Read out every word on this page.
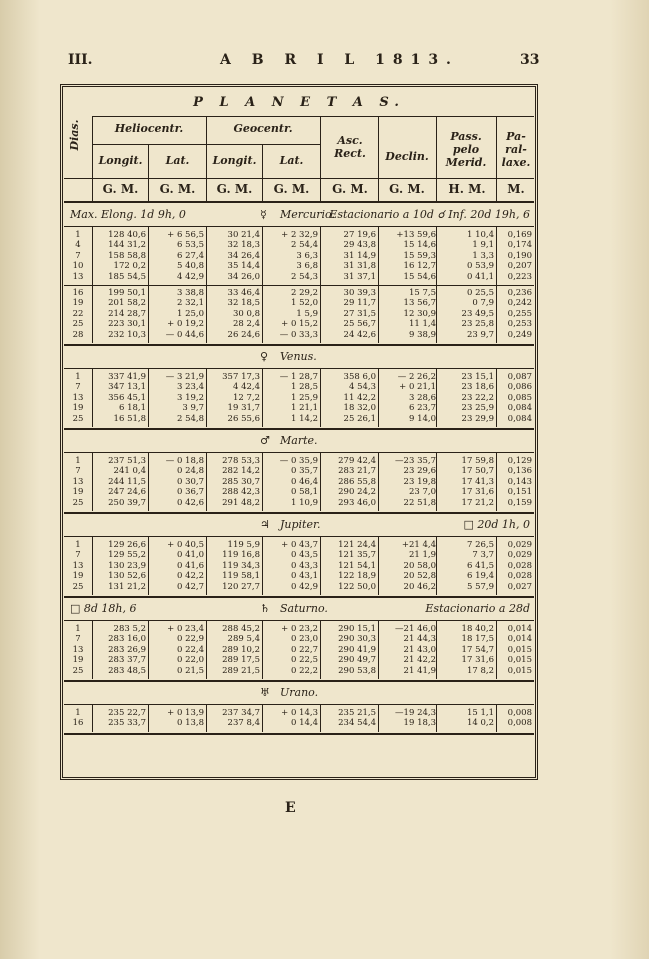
III.	A B R I L 1813.	33
P L A N E T A S.
Dias.	Heliocentr.	Geocentr.
Longit.	Lat.	Longit.	Lat.
Asc. Rect.	Declin.
Pass. pelo Merid.
Pa- ral- laxe.
G. M.	G. M.	G. M.	G. M.	G. M.	G. M.	H. M.	M.
Max. Elong. 1d 9h, 0	☿ Mercurio.
Estacionario a 10d ☌ Inf. 20d 19h, 6
1	128 40,6	+ 6 56,5	30 21,4	+ 2 32,9	27 19,6	+13 59,6	1 10,4	0,169
4	144 31,2	6 53,5	32 18,3	2 54,4	29 43,8	15 14,6	1 9,1	0,174
7	158 58,8	6 27,4	34 26,4	3 6,3	31 14,9	15 59,3	1 3,3	0,190
10	172 0,2	5 40,8	35 14,4	3 6,8	31 31,8	16 12,7	0 53,9	0,207
13	185 54,5	4 42,9	34 26,0	2 54,3	31 37,1	15 54,6	0 41,1	0,223
16	199 50,1	3 38,8	33 46,4	2 29,2	30 39,3	15 7,5	0 25,5	0,236
19	201 58,2	2 32,1	32 18,5	1 52,0	29 11,7	13 56,7	0 7,9	0,242
22	214 28,7	1 25,0	30 0,8	1 5,9	27 31,5	12 30,9	23 49,5	0,255
25	223 30,1	+ 0 19,2	28 2,4	+ 0 15,2	25 56,7	11 1,4	23 25,8	0,253
28	232 10,3	— 0 44,6	26 24,6	— 0 33,3	24 42,6	9 38,9	23 9,7	0,249
♀ Venus.
1	337 41,9	— 3 21,9	357 17,3	— 1 28,7	358 6,0	— 2 26,2	23 15,1	0,087
7	347 13,1	3 23,4	4 42,4	1 28,5	4 54,3	+ 0 21,1	23 18,6	0,086
13	356 45,1	3 19,2	12 7,2	1 25,9	11 42,2	3 28,6	23 22,2	0,085
19	6 18,1	3 9,7	19 31,7	1 21,1	18 32,0	6 23,7	23 25,9	0,084
25	16 51,8	2 54,8	26 55,6	1 14,2	25 26,1	9 14,0	23 29,9	0,084
♂ Marte.
1	237 51,3	— 0 18,8	278 53,3	— 0 35,9	279 42,4	—23 35,7	17 59,8	0,129
7	241 0,4	0 24,8	282 14,2	0 35,7	283 21,7	23 29,6	17 50,7	0,136
13	244 11,5	0 30,7	285 30,7	0 46,4	286 55,8	23 19,8	17 41,3	0,143
19	247 24,6	0 36,7	288 42,3	0 58,1	290 24,2	23 7,0	17 31,6	0,151
25	250 39,7	0 42,6	291 48,2	1 10,9	293 46,0	22 51,8	17 21,2	0,159
♃ Jupiter.	□ 20d 1h, 0
1	129 26,6	+ 0 40,5	119 5,9	+ 0 43,7	121 24,4	+21 4,4	7 26,5	0,029
7	129 55,2	0 41,0	119 16,8	0 43,5	121 35,7	21 1,9	7 3,7	0,029
13	130 23,9	0 41,6	119 34,3	0 43,3	121 54,1	20 58,0	6 41,5	0,028
19	130 52,6	0 42,2	119 58,1	0 43,1	122 18,9	20 52,8	6 19,4	0,028
25	131 21,2	0 42,7	120 27,7	0 42,9	122 50,0	20 46,2	5 57,9	0,027
□ 8d 18h, 6	♄ Saturno.	Estacionario a 28d
1	283 5,2	+ 0 23,4	288 45,2	+ 0 23,2	290 15,1	—21 46,0	18 40,2	0,014
7	283 16,0	0 22,9	289 5,4	0 23,0	290 30,3	21 44,3	18 17,5	0,014
13	283 26,9	0 22,4	289 10,2	0 22,7	290 41,9	21 43,0	17 54,7	0,015
19	283 37,7	0 22,0	289 17,5	0 22,5	290 49,7	21 42,2	17 31,6	0,015
25	283 48,5	0 21,5	289 21,5	0 22,2	290 53,8	21 41,9	17 8,2	0,015
♅ Urano.
1	235 22,7	+ 0 13,9	237 34,7	+ 0 14,3	235 21,5	—19 24,3	15 1,1	0,008
16	235 33,7	0 13,8	237 8,4	0 14,4	234 54,4	19 18,3	14 0,2	0,008
E
